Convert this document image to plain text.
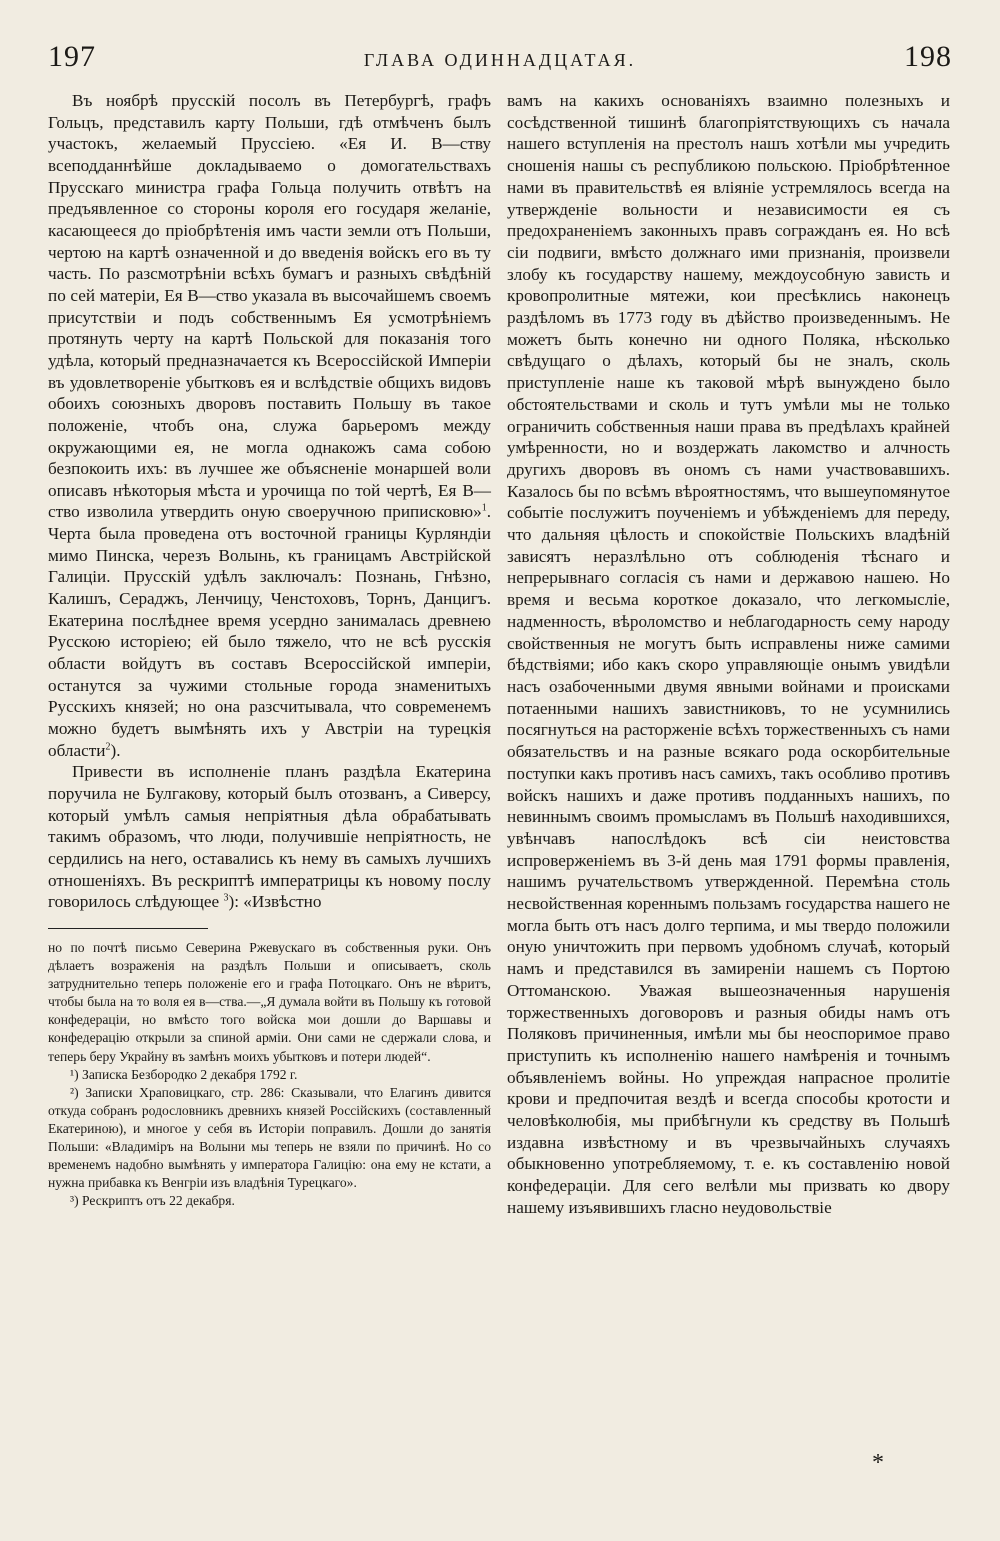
197	ГЛАВА ОДИННАДЦАТАЯ.	198

Въ ноябрѣ прусскій посолъ въ Петербургѣ, графъ Гольцъ, представилъ карту Польши, гдѣ отмѣченъ былъ участокъ, желаемый Пруссіею. «Ея И. В—ству всеподданнѣйше докладываемо о домогательствахъ Прусскаго министра графа Гольца получить отвѣтъ на предъявленное со стороны короля его государя желаніе, касающееся до пріобрѣтенія имъ части земли отъ Польши, чертою на картѣ означенной и до введенія войскъ его въ ту часть. По разсмотрѣніи всѣхъ бумагъ и разныхъ свѣдѣній по сей матеріи, Ея В—ство указала въ высочайшемъ своемъ присутствіи и подъ собственнымъ Ея усмотрѣніемъ протянуть черту на картѣ Польской для показанія того удѣла, который предназначается къ Всероссійской Имперіи въ удовлетвореніе убытковъ ея и вслѣдствіе общихъ видовъ обоихъ союзныхъ дворовъ поставить Польшу въ такое положеніе, чтобъ она, служа барьеромъ между окружающими ея, не могла однакожъ сама собою безпокоить ихъ: въ лучшее же объясненіе монаршей воли описавъ нѣкоторыя мѣста и урочища по той чертѣ, Ея В—ство изволила утвердить оную своеручною приписковю»$^1$. Черта была проведена отъ восточной границы Курляндіи мимо Пинска, черезъ Волынь, къ границамъ Австрійской Галиціи. Прусскій удѣлъ заключалъ: Познань, Гнѣзно, Калишъ, Сераджъ, Ленчицу, Ченстоховъ, Торнъ, Данцигъ. Екатерина послѣднее время усердно занималась древнею Русскою исторіею; ей было тяжело, что не всѣ русскія области войдутъ въ составъ Всероссійской имперіи, останутся за чужими стольные города знаменитыхъ Русскихъ князей; но она разсчитывала, что современемъ можно будетъ вымѣнять ихъ у Австріи на турецкія области$^2$).

Привести въ исполненіе планъ раздѣла Екатерина поручила не Булгакову, который былъ отозванъ, а Сиверсу, который умѣлъ самыя непріятныя дѣла обрабатывать такимъ образомъ, что люди, получившіе непріятность, не сердились на него, оставались къ нему въ самыхъ лучшихъ отношеніяхъ. Въ рескриптѣ императрицы къ новому послу говорилось слѣдующее $^3$): «Извѣстно

но по почтѣ письмо Северина Ржевускаго въ собственныя руки. Онъ дѣлаетъ возраженія на раздѣлъ Польши и описываетъ, сколь затруднительно теперь положеніе его и графа Потоцкаго. Онъ не вѣритъ, чтобы была на то воля ея в—ства.—„Я думала войти въ Польшу къ готовой конфедераціи, но вмѣсто того войска мои дошли до Варшавы и конфедерацію открыли за спиной арміи. Они сами не сдержали слова, и теперь беру Украйну въ замѣнъ моихъ убытковъ и потери людей“.

¹) Записка Безбородко 2 декабря 1792 г.

²) Записки Храповицкаго, стр. 286: Сказывали, что Елагинъ дивится откуда собранъ родословникъ древнихъ князей Россійскихъ (составленный Екатериною), и многое у себя въ Исторіи поправилъ. Дошли до занятія Польши: «Владиміръ на Волыни мы теперь не взяли по причинѣ. Но со временемъ надобно вымѣнять у императора Галицію: она ему не кстати, а нужна прибавка къ Венгріи изъ владѣнія Турецкаго».

³) Рескриптъ отъ 22 декабря.

вамъ на какихъ основаніяхъ взаимно полезныхъ и сосѣдственной тишинѣ благопріятствующихъ съ начала нашего вступленія на престолъ нашъ хотѣли мы учредить сношенія нашы съ республикою польскою. Пріобрѣтенное нами въ правительствѣ ея вліяніе устремлялось всегда на утвержденіе вольности и независимости ея съ предохраненіемъ законныхъ правъ согражданъ ея. Но всѣ сіи подвиги, вмѣсто должнаго ими признанія, произвели злобу къ государству нашему, междоусобную зависть и кровопролитные мятежи, кои пресѣклись наконецъ раздѣломъ въ 1773 году въ дѣйство произведеннымъ. Не можетъ быть конечно ни одного Поляка, нѣсколько свѣдущаго о дѣлахъ, который бы не зналъ, сколь приступленіе наше къ таковой мѣрѣ вынуждено было обстоятельствами и сколь и тутъ умѣли мы не только ограничить собственныя наши права въ предѣлахъ крайней умѣренности, но и воздержать лакомство и алчность другихъ дворовъ въ ономъ съ нами участвовавшихъ. Казалось бы по всѣмъ вѣроятностямъ, что вышеупомянутое событіе послужитъ поученіемъ и убѣжденіемъ для переду, что дальняя цѣлость и спокойствіе Польскихъ владѣній зависятъ неразлѣльно отъ соблюденія тѣснаго и непрерывнаго согласія съ нами и державою нашею. Но время и весьма короткое доказало, что легкомысліе, надменность, вѣроломство и неблагодарность сему народу свойственныя не могутъ быть исправлены ниже самими бѣдствіями; ибо какъ скоро управляющіе онымъ увидѣли насъ озабоченными двумя явными войнами и происками потаенными нашихъ завистниковъ, то не усумнились посягнуться на расторженіе всѣхъ торжественныхъ съ нами обязательствъ и на разные всякаго рода оскорбительные поступки какъ противъ насъ самихъ, такъ особливо противъ войскъ нашихъ и даже противъ подданныхъ нашихъ, по невиннымъ своимъ промысламъ въ Польшѣ находившихся, увѣнчавъ напослѣдокъ всѣ сіи неистовства испроверженіемъ въ 3-й день мая 1791 формы правленія, нашимъ ручательствомъ утвержденной. Перемѣна столь несвойственная кореннымъ пользамъ государства нашего не могла быть отъ насъ долго терпима, и мы твердо положили оную уничтожить при первомъ удобномъ случаѣ, который намъ и представился въ замиреніи нашемъ съ Портою Оттоманскою. Уважая вышеозначенныя нарушенія торжественныхъ договоровъ и разныя обиды намъ отъ Поляковъ причиненныя, имѣли мы бы неоспоримое право приступить къ исполненію нашего намѣренія и точнымъ объявленіемъ войны. Но упреждая напрасное пролитіе крови и предпочитая вездѣ и всегда способы кротости и человѣколюбія, мы прибѣгнули къ средству въ Польшѣ издавна извѣстному и въ чрезвычайныхъ случаяхъ обыкновенно употребляемому, т. е. къ составленію новой конфедераціи. Для сего велѣли мы призвать ко двору нашему изъявившихъ гласно неудовольствіе

*
